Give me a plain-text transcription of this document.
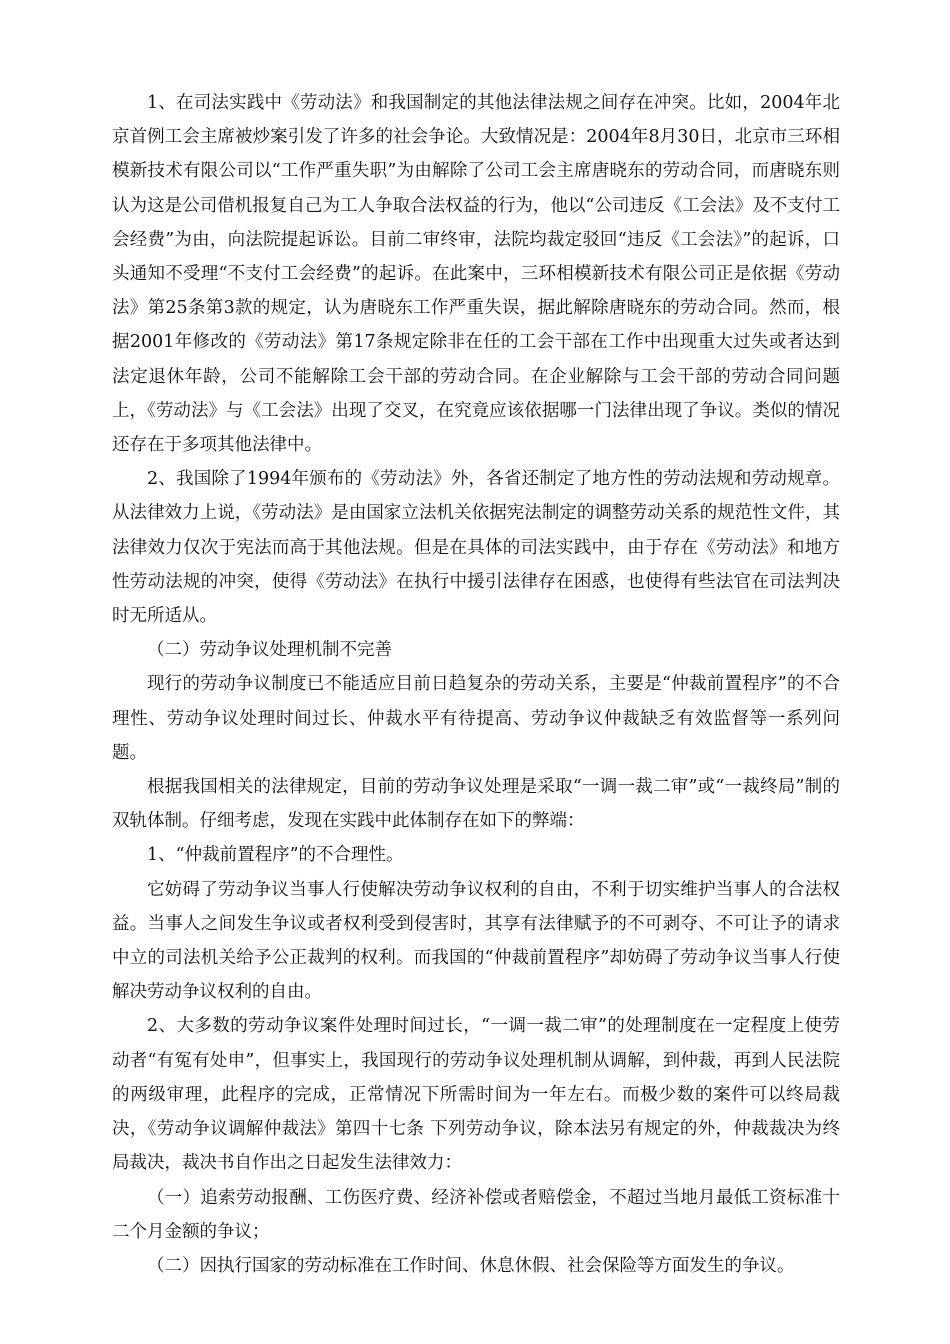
1、在司法实践中《劳动法》和我国制定的其他法律法规之间存在冲突。比如，2004年北京首例工会主席被炒案引发了许多的社会争论。大致情况是：2004年8月30日，北京市三环相模新技术有限公司以“工作严重失职”为由解除了公司工会主席唐晓东的劳动合同，而唐晓东则认为这是公司借机报复自己为工人争取合法权益的行为，他以“公司违反《工会法》及不支付工会经费”为由，向法院提起诉讼。目前二审终审，法院均裁定驳回“违反《工会法》”的起诉，口头通知不受理“不支付工会经费”的起诉。在此案中，三环相模新技术有限公司正是依据《劳动法》第25条第3款的规定，认为唐晓东工作严重失误，据此解除唐晓东的劳动合同。然而，根据2001年修改的《劳动法》第17条规定除非在任的工会干部在工作中出现重大过失或者达到法定退休年龄，公司不能解除工会干部的劳动合同。在企业解除与工会干部的劳动合同问题上，《劳动法》与《工会法》出现了交叉，在究竟应该依据哪一门法律出现了争议。类似的情况还存在于多项其他法律中。

2、我国除了1994年颁布的《劳动法》外，各省还制定了地方性的劳动法规和劳动规章。从法律效力上说，《劳动法》是由国家立法机关依据宪法制定的调整劳动关系的规范性文件，其法律效力仅次于宪法而高于其他法规。但是在具体的司法实践中，由于存在《劳动法》和地方性劳动法规的冲突，使得《劳动法》在执行中援引法律存在困惑，也使得有些法官在司法判决时无所适从。

（二）劳动争议处理机制不完善

现行的劳动争议制度已不能适应目前日趋复杂的劳动关系，主要是“仲裁前置程序”的不合理性、劳动争议处理时间过长、仲裁水平有待提高、劳动争议仲裁缺乏有效监督等一系列问题。

根据我国相关的法律规定，目前的劳动争议处理是采取“一调一裁二审”或“一裁终局”制的双轨体制。仔细考虑，发现在实践中此体制存在如下的弊端：

1、“仲裁前置程序”的不合理性。

它妨碍了劳动争议当事人行使解决劳动争议权利的自由，不利于切实维护当事人的合法权益。当事人之间发生争议或者权利受到侵害时，其享有法律赋予的不可剥夺、不可让予的请求中立的司法机关给予公正裁判的权利。而我国的“仲裁前置程序”却妨碍了劳动争议当事人行使解决劳动争议权利的自由。

2、大多数的劳动争议案件处理时间过长，“一调一裁二审”的处理制度在一定程度上使劳动者“有冤有处申”，但事实上，我国现行的劳动争议处理机制从调解，到仲裁，再到人民法院的两级审理，此程序的完成，正常情况下所需时间为一年左右。而极少数的案件可以终局裁决，《劳动争议调解仲裁法》第四十七条 下列劳动争议，除本法另有规定的外，仲裁裁决为终局裁决，裁决书自作出之日起发生法律效力：

（一）追索劳动报酬、工伤医疗费、经济补偿或者赔偿金，不超过当地月最低工资标准十二个月金额的争议；

（二）因执行国家的劳动标准在工作时间、休息休假、社会保险等方面发生的争议。
